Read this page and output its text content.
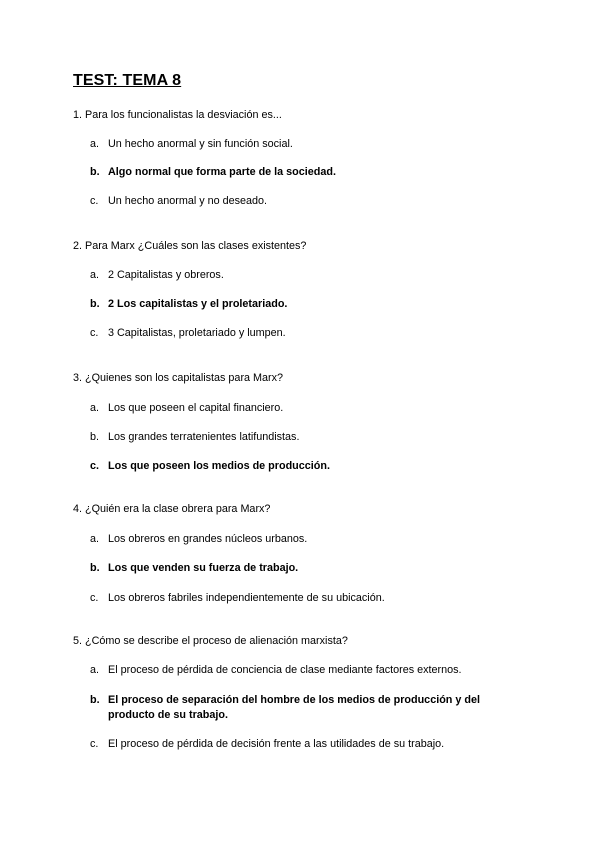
TEST: TEMA 8
1. Para los funcionalistas la desviación es...
a. Un hecho anormal y sin función social.
b. Algo normal que forma parte de la sociedad.
c. Un hecho anormal y no deseado.
2. Para Marx ¿Cuáles son las clases existentes?
a. 2 Capitalistas y obreros.
b. 2 Los capitalistas y el proletariado.
c. 3 Capitalistas, proletariado y lumpen.
3. ¿Quienes son los capitalistas para Marx?
a. Los que poseen el capital financiero.
b. Los grandes terratenientes latifundistas.
c. Los que poseen los medios de producción.
4. ¿Quién era la clase obrera para Marx?
a. Los obreros en grandes núcleos urbanos.
b. Los que venden su fuerza de trabajo.
c. Los obreros fabriles independientemente de su ubicación.
5. ¿Cómo se describe el proceso de alienación marxista?
a. El proceso de pérdida de conciencia de clase mediante factores externos.
b. El proceso de separación del hombre de los medios de producción y del producto de su trabajo.
c. El proceso de pérdida de decisión frente a las utilidades de su trabajo.
